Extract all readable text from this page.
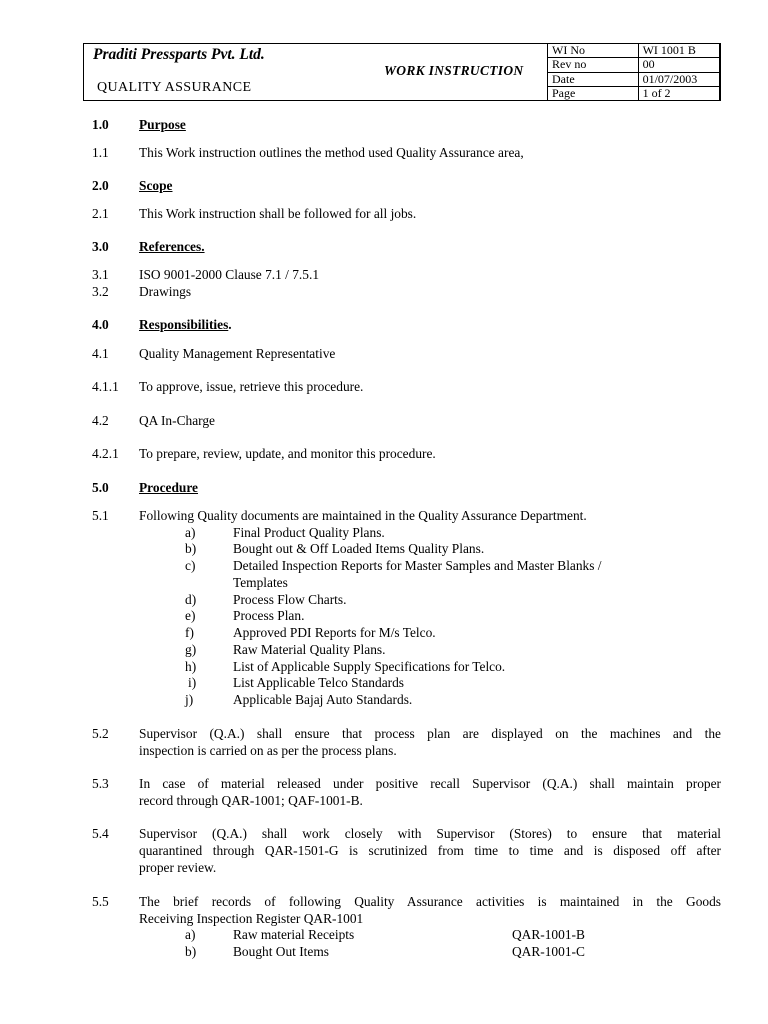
Praditi Pressparts Pvt. Ltd.
QUALITY ASSURANCE
WORK INSTRUCTION
WI No	WI 1001 B
Rev no	00
Date	01/07/2003
Page	1 of 2
1.0 Purpose
1.1 This Work instruction outlines the method used Quality Assurance area,
2.0 Scope
2.1 This Work instruction shall be followed for all jobs.
3.0 References.
3.1 ISO 9001-2000 Clause 7.1 / 7.5.1
3.2 Drawings
4.0 Responsibilities.
4.1 Quality Management Representative
4.1.1 To approve, issue, retrieve this procedure.
4.2 QA In-Charge
4.2.1 To prepare, review, update, and monitor this procedure.
5.0 Procedure
5.1 Following Quality documents are maintained in the Quality Assurance Department.
a)	Final Product Quality Plans.
b)	Bought out & Off Loaded Items Quality Plans.
c)	Detailed Inspection Reports for Master Samples and Master Blanks /
Templates
d)	Process Flow Charts.
e)	Process Plan.
f)	Approved PDI Reports for M/s Telco.
g)	Raw Material Quality Plans.
h)	List of Applicable Supply Specifications for Telco.
i)	List Applicable Telco Standards
j)	Applicable Bajaj Auto Standards.
5.2 Supervisor (Q.A.) shall ensure that process plan are displayed on the machines and the
inspection is carried on as per the process plans.
5.3 In case of material released under positive recall Supervisor (Q.A.) shall maintain proper
record through QAR-1001; QAF-1001-B.
5.4 Supervisor (Q.A.) shall work closely with Supervisor (Stores) to ensure that material
quarantined through QAR-1501-G is scrutinized from time to time and is disposed off after
proper review.
5.5 The brief records of following Quality Assurance activities is maintained in the Goods
Receiving Inspection Register QAR-1001
a)	Raw material Receipts	QAR-1001-B
b)	Bought Out Items	QAR-1001-C
